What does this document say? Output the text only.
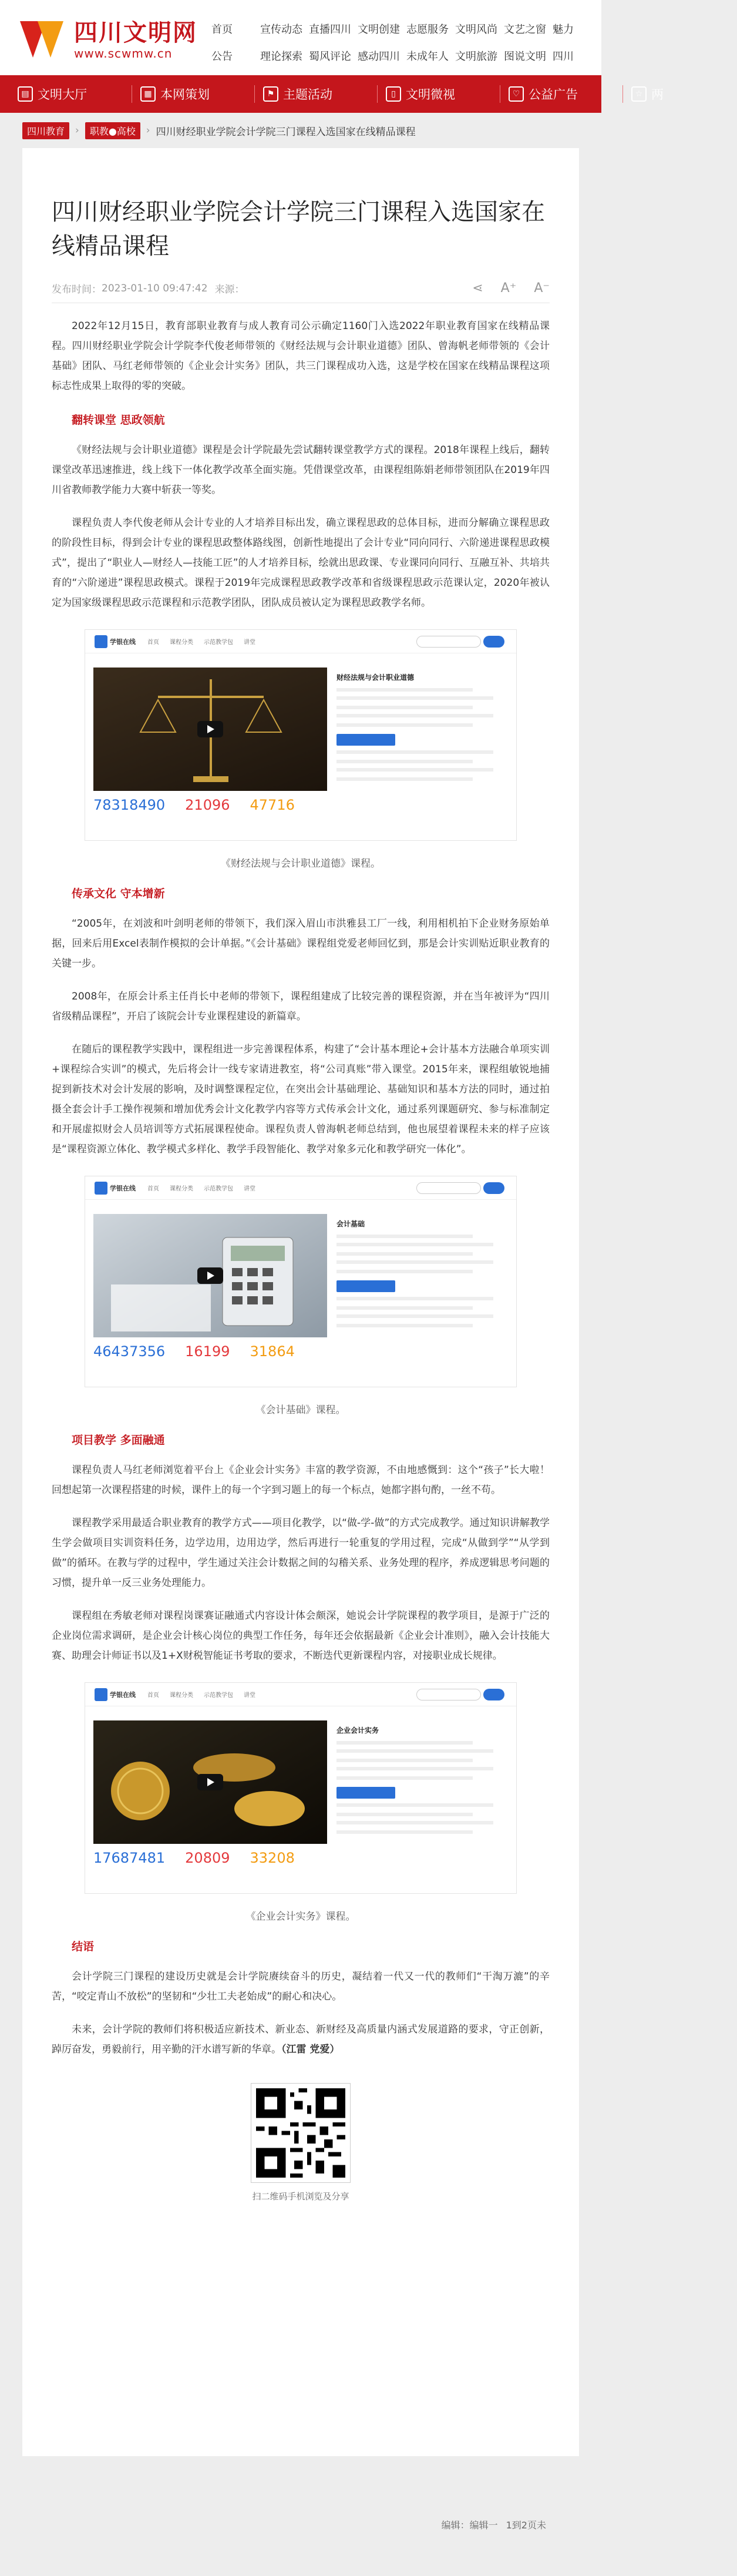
四川文明网
www.scwmw.cn
首页	宣传动态 直播四川 文明创建 志愿服务 文明风尚 文艺之窗 魅力
公告	理论探索 蜀风评论 感动四川 未成年人 文明旅游 图说文明 四川
▤ 文明大厅	▦ 本网策划	⚑ 主题活动	▯ 文明微视	♡ 公益广告	☆ 两
四川教育	›	职教●高校	› 四川财经职业学院会计学院三门课程入选国家在线精品课程
四川财经职业学院会计学院三门课程入选国家在线精品课程
发布时间： 2023-01-10 09:47:42 来源：	⋖ A⁺ A⁻

2022年12月15日，教育部职业教育与成人教育司公示确定1160门入选2022年职业教育国家在线精品课程。四川财经职业学院会计学院李代俊老师带领的《财经法规与会计职业道德》团队、曾海帆老师带领的《会计基础》团队、马红老师带领的《企业会计实务》团队，共三门课程成功入选，这是学校在国家在线精品课程这项标志性成果上取得的零的突破。

翻转课堂 思政领航

《财经法规与会计职业道德》课程是会计学院最先尝试翻转课堂教学方式的课程。2018年课程上线后，翻转课堂改革迅速推进，线上线下一体化教学改革全面实施。凭借课堂改革，由课程组陈娟老师带领团队在2019年四川省教师教学能力大赛中斩获一等奖。

课程负责人李代俊老师从会计专业的人才培养目标出发，确立课程思政的总体目标，进而分解确立课程思政的阶段性目标，得到会计专业的课程思政整体路线图，创新性地提出了会计专业“同向同行、六阶递进课程思政模式”，提出了“职业人—财经人—技能工匠”的人才培养目标，绘就出思政课、专业课同向同行、互融互补、共培共育的“六阶递进”课程思政模式。课程于2019年完成课程思政教学改革和省级课程思政示范课认定，2020年被认定为国家级课程思政示范课程和示范教学团队，团队成员被认定为课程思政教学名师。

学银在线 首页 课程分类 示范教学包 讲堂
财经法规与会计职业道德
78318490 21096 47716
《财经法规与会计职业道德》课程。
传承文化 守本增新

“2005年，在刘波和叶剑明老师的带领下，我们深入眉山市洪雅县工厂一线，利用相机拍下企业财务原始单据，回来后用Excel表制作模拟的会计单据。”《会计基础》课程组党爱老师回忆到，那是会计实训贴近职业教育的关键一步。

2008年，在原会计系主任肖长中老师的带领下，课程组建成了比较完善的课程资源，并在当年被评为“四川省级精品课程”，开启了该院会计专业课程建设的新篇章。

在随后的课程教学实践中，课程组进一步完善课程体系，构建了“会计基本理论+会计基本方法融合单项实训+课程综合实训”的模式，先后将会计一线专家请进教室，将“公司真账”带入课堂。2015年来，课程组敏锐地捕捉到新技术对会计发展的影响，及时调整课程定位，在突出会计基础理论、基础知识和基本方法的同时，通过拍摄全套会计手工操作视频和增加优秀会计文化教学内容等方式传承会计文化，通过系列课题研究、参与标准制定和开展虚拟财会人员培训等方式拓展课程使命。课程负责人曾海帆老师总结到，他也展望着课程未来的样子应该是“课程资源立体化、教学模式多样化、教学手段智能化、教学对象多元化和教学研究一体化”。

学银在线 首页 课程分类 示范教学包 讲堂
会计基础
46437356 16199 31864
《会计基础》课程。
项目教学 多面融通

课程负责人马红老师浏览着平台上《企业会计实务》丰富的教学资源，不由地感慨到：这个“孩子”长大啦！回想起第一次课程搭建的时候，课件上的每一个字到习题上的每一个标点，她都字斟句酌，一丝不苟。

课程教学采用最适合职业教育的教学方式——项目化教学，以“做-学-做”的方式完成教学。通过知识讲解教学生学会做项目实训资料任务，边学边用，边用边学，然后再进行一轮重复的学用过程，完成“从做到学”“从学到做”的循环。在教与学的过程中，学生通过关注会计数据之间的勾稽关系、业务处理的程序，养成逻辑思考问题的习惯，提升单一反三业务处理能力。

课程组在秀敏老师对课程岗课赛证融通式内容设计体会颇深，她说会计学院课程的教学项目，是源于广泛的企业岗位需求调研，是企业会计核心岗位的典型工作任务，每年还会依据最新《企业会计准则》，融入会计技能大赛、助理会计师证书以及1+X财税智能证书考取的要求，不断迭代更新课程内容，对接职业成长规律。

学银在线 首页 课程分类 示范教学包 讲堂
企业会计实务
17687481 20809 33208
《企业会计实务》课程。
结语

会计学院三门课程的建设历史就是会计学院赓续奋斗的历史，凝结着一代又一代的教师们“干淘万漉”的辛苦，“咬定青山不放松”的坚韧和“少壮工夫老始成”的耐心和决心。

未来，会计学院的教师们将积极适应新技术、新业态、新财经及高质量内涵式发展道路的要求，守正创新，踔厉奋发，勇毅前行，用辛勤的汗水谱写新的华章。（江雷 党爱）

扫二维码手机浏览及分享
编辑：编辑一 1到2页未
